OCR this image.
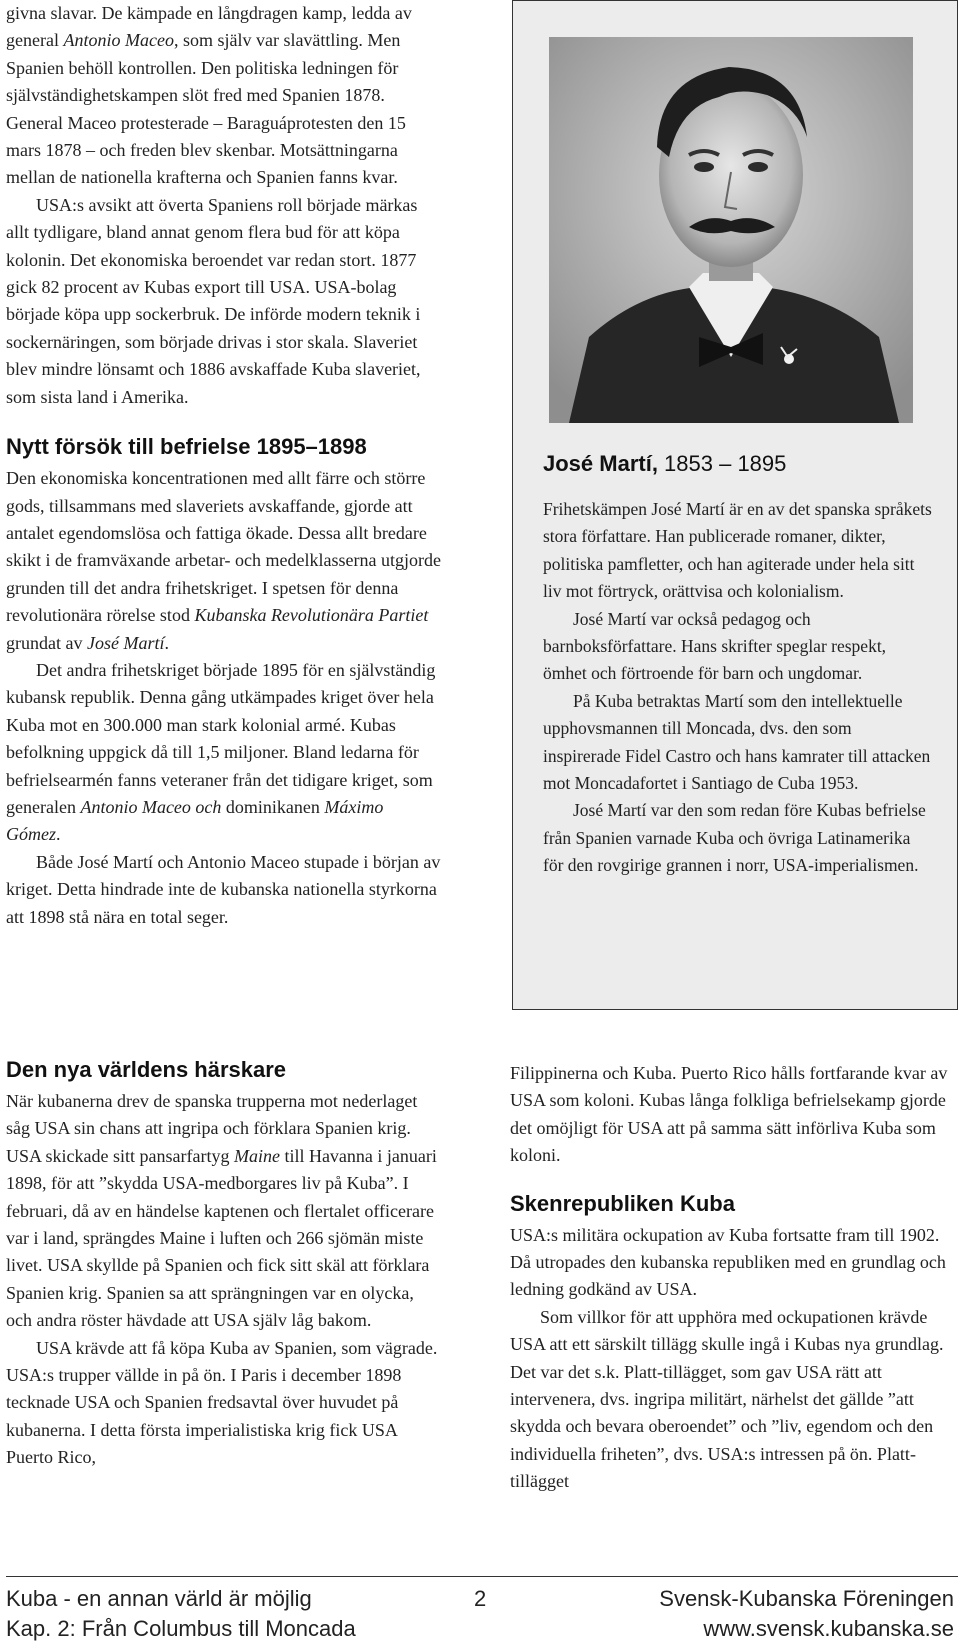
givna slavar. De kämpade en långdragen kamp, ledda av general Antonio Maceo, som själv var slavättling. Men Spanien behöll kontrollen. Den politiska ledningen för självständighetskampen slöt fred med Spanien 1878. General Maceo protesterade – Baraguáprotesten den 15 mars 1878 – och freden blev skenbar. Motsättningarna mellan de nationella krafterna och Spanien fanns kvar.

USA:s avsikt att överta Spaniens roll började märkas allt tydligare, bland annat genom flera bud för att köpa kolonin. Det ekonomiska beroendet var redan stort. 1877 gick 82 procent av Kubas export till USA. USA-bolag började köpa upp sockerbruk. De införde modern teknik i sockernäringen, som började drivas i stor skala. Slaveriet blev mindre lönsamt och 1886 avskaffade Kuba slaveriet, som sista land i Amerika.

Nytt försök till befrielse 1895–1898

Den ekonomiska koncentrationen med allt färre och större gods, tillsammans med slaveriets avskaffande, gjorde att antalet egendomslösa och fattiga ökade. Dessa allt bredare skikt i de framväxande arbetar- och medelklasserna utgjorde grunden till det andra frihetskriget. I spetsen för denna revolutionära rörelse stod Kubanska Revolutionära Partiet grundat av José Martí.

Det andra frihetskriget började 1895 för en självständig kubansk republik. Denna gång utkämpades kriget över hela Kuba mot en 300.000 man stark kolonial armé. Kubas befolkning uppgick då till 1,5 miljoner. Bland ledarna för befrielsearmén fanns veteraner från det tidigare kriget, som generalen Antonio Maceo och dominikanen Máximo Gómez.

Både José Martí och Antonio Maceo stupade i början av kriget. Detta hindrade inte de kubanska nationella styrkorna att 1898 stå nära en total seger.

José Martí, 1853 – 1895

Frihetskämpen José Martí är en av det spanska språkets stora författare. Han publicerade romaner, dikter, politiska pamfletter, och han agiterade under hela sitt liv mot förtryck, orättvisa och kolonialism.

José Martí var också pedagog och barnboksförfattare. Hans skrifter speglar respekt, ömhet och förtroende för barn och ungdomar.

På Kuba betraktas Martí som den intellektuelle upphovsmannen till Moncada, dvs. den som inspirerade Fidel Castro och hans kamrater till attacken mot Moncadafortet i Santiago de Cuba 1953.

José Martí var den som redan före Kubas befrielse från Spanien varnade Kuba och övriga Latinamerika för den rovgirige grannen i norr, USA-imperialismen.

Den nya världens härskare

När kubanerna drev de spanska trupperna mot nederlaget såg USA sin chans att ingripa och förklara Spanien krig. USA skickade sitt pansarfartyg Maine till Havanna i januari 1898, för att ”skydda USA-medborgares liv på Kuba”. I februari, då av en händelse kaptenen och flertalet officerare var i land, sprängdes Maine i luften och 266 sjömän miste livet. USA skyllde på Spanien och fick sitt skäl att förklara Spanien krig. Spanien sa att sprängningen var en olycka, och andra röster hävdade att USA själv låg bakom.

USA krävde att få köpa Kuba av Spanien, som vägrade. USA:s trupper vällde in på ön. I Paris i december 1898 tecknade USA och Spanien fredsavtal över huvudet på kubanerna. I detta första imperialistiska krig fick USA Puerto Rico,

Filippinerna och Kuba. Puerto Rico hålls fortfarande kvar av USA som koloni. Kubas långa folkliga befrielsekamp gjorde det omöjligt för USA att på samma sätt införliva Kuba som koloni.

Skenrepubliken Kuba

USA:s militära ockupation av Kuba fortsatte fram till 1902. Då utropades den kubanska republiken med en grundlag och ledning godkänd av USA.

Som villkor för att upphöra med ockupationen krävde USA att ett särskilt tillägg skulle ingå i Kubas nya grundlag. Det var det s.k. Platt-tillägget, som gav USA rätt att intervenera, dvs. ingripa militärt, närhelst det gällde ”att skydda och bevara oberoendet” och ”liv, egendom och den individuella friheten”, dvs. USA:s intressen på ön. Platt-tillägget

Kuba - en annan värld är möjlig
Kap. 2: Från Columbus till Moncada
2	Svensk-Kubanska Föreningen
www.svensk.kubanska.se
